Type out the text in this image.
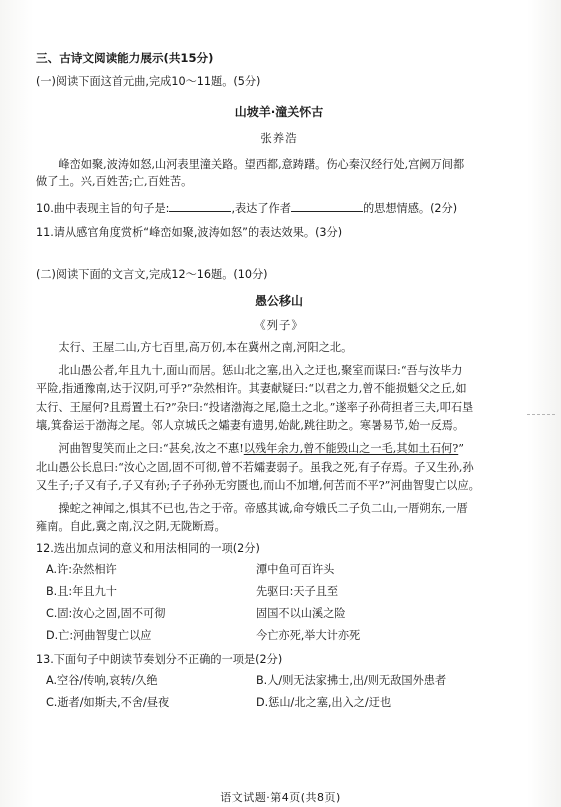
三、古诗文阅读能力展示(共15分)
(一)阅读下面这首元曲,完成10～11题。(5分)
山坡羊·潼关怀古
张养浩
峰峦如聚,波涛如怒,山河表里潼关路。望西都,意踌躇。伤心秦汉经行处,宫阙万间都
做了土。兴,百姓苦;亡,百姓苦。
10.曲中表现主旨的句子是:	,表达了作者	的思想情感。(2分)
11.请从感官角度赏析“峰峦如聚,波涛如怒”的表达效果。(3分)
(二)阅读下面的文言文,完成12～16题。(10分)
愚公移山
《列子》
太行、王屋二山,方七百里,高万仞,本在冀州之南,河阳之北。
北山愚公者,年且九十,面山而居。惩山北之塞,出入之迂也,聚室而谋曰:“吾与汝毕力
平险,指通豫南,达于汉阴,可乎?”杂然相许。其妻献疑曰:“以君之力,曾不能损魁父之丘,如
太行、王屋何?且焉置土石?”杂曰:“投诸渤海之尾,隐土之北。”遂率子孙荷担者三夫,叩石垦
壤,箕畚运于渤海之尾。邻人京城氏之孀妻有遗男,始龀,跳往助之。寒暑易节,始一反焉。
河曲智叟笑而止之曰:“甚矣,汝之不惠!以残年余力,曾不能毁山之一毛,其如土石何?”
北山愚公长息曰:“汝心之固,固不可彻,曾不若孀妻弱子。虽我之死,有子存焉。子又生孙,孙
又生子;子又有子,子又有孙;子子孙孙无穷匮也,而山不加增,何苦而不平?”河曲智叟亡以应。
操蛇之神闻之,惧其不已也,告之于帝。帝感其诚,命夸娥氏二子负二山,一厝朔东,一厝
雍南。自此,冀之南,汉之阴,无陇断焉。
12.选出加点词的意义和用法相同的一项(2分)
A.许:杂然相许	潭中鱼可百许头
B.且:年且九十	先驱曰:天子且至
C.固:汝心之固,固不可彻	固国不以山溪之险
D.亡:河曲智叟亡以应	今亡亦死,举大计亦死
13.下面句子中朗读节奏划分不正确的一项是(2分)
A.空谷/传响,哀转/久绝	B.人/则无法家拂士,出/则无敌国外患者
C.逝者/如斯夫,不舍/昼夜	D.惩山/北之塞,出入之/迂也
语文试题·第4页(共8页)
